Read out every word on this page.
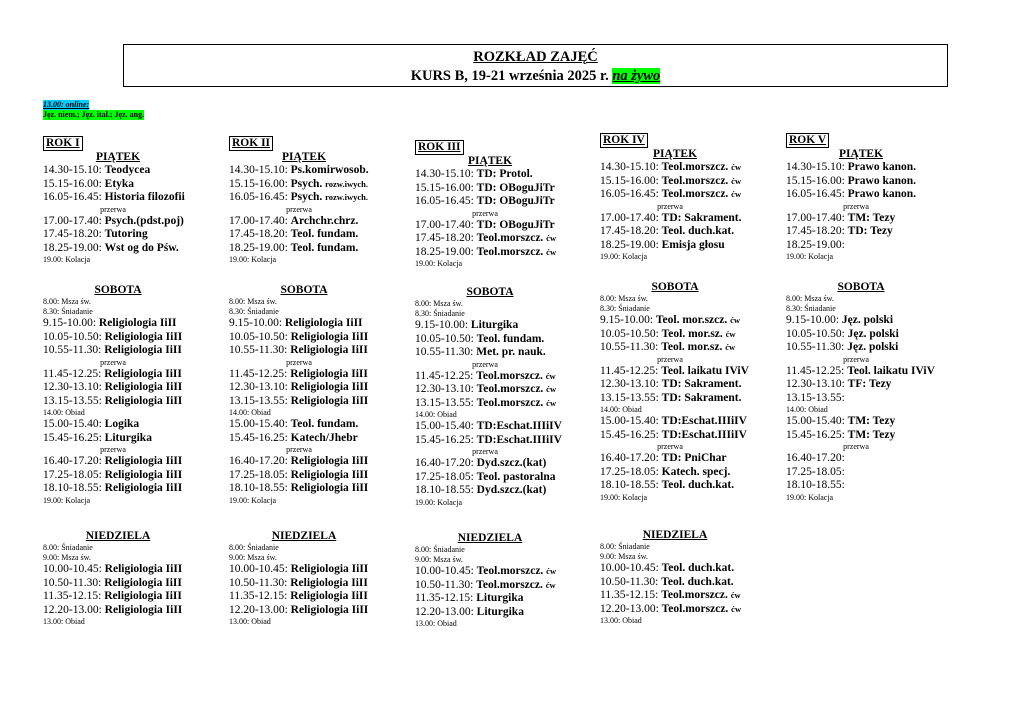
ROZKŁAD ZAJĘĆ
KURS B, 19-21 września 2025 r. na żywo
13.00: online:
Jęz. niem.; Jęz. ital.; Jęz. ang.
ROK I
PIĄTEK
14.30-15.10: Teodycea
15.15-16.00: Etyka
16.05-16.45: Historia filozofii
przerwa
17.00-17.40: Psych.(pdst.poj)
17.45-18.20: Tutoring
18.25-19.00: Wst og do Pśw.
19.00: Kolacja
SOBOTA
8.00: Msza św.
8.30: Śniadanie
9.15-10.00: Religiologia IiII
10.05-10.50: Religiologia IiII
10.55-11.30: Religiologia IiII
przerwa
11.45-12.25: Religiologia IiII
12.30-13.10: Religiologia IiII
13.15-13.55: Religiologia IiII
14.00: Obiad
15.00-15.40: Logika
15.45-16.25: Liturgika
przerwa
16.40-17.20: Religiologia IiII
17.25-18.05: Religiologia IiII
18.10-18.55: Religiologia IiII
19.00: Kolacja
NIEDZIELA
8.00: Śniadanie
9.00: Msza św.
10.00-10.45: Religiologia IiII
10.50-11.30: Religiologia IiII
11.35-12.15: Religiologia IiII
12.20-13.00: Religiologia IiII
13.00: Obiad
ROK II
PIĄTEK
14.30-15.10: Ps.komirwosob.
15.15-16.00: Psych. rozw.iwych.
16.05-16.45: Psych. rozw.iwych.
przerwa
17.00-17.40: Archchr.chrz.
17.45-18.20: Teol. fundam.
18.25-19.00: Teol. fundam.
19.00: Kolacja
SOBOTA
8.00: Msza św.
8.30: Śniadanie
9.15-10.00: Religiologia IiII
10.05-10.50: Religiologia IiII
10.55-11.30: Religiologia IiII
przerwa
11.45-12.25: Religiologia IiII
12.30-13.10: Religiologia IiII
13.15-13.55: Religiologia IiII
14.00: Obiad
15.00-15.40: Teol. fundam.
15.45-16.25: Katech/Jhebr
przerwa
16.40-17.20: Religiologia IiII
17.25-18.05: Religiologia IiII
18.10-18.55: Religiologia IiII
19.00: Kolacja
NIEDZIELA
8.00: Śniadanie
9.00: Msza św.
10.00-10.45: Religiologia IiII
10.50-11.30: Religiologia IiII
11.35-12.15: Religiologia IiII
12.20-13.00: Religiologia IiII
13.00: Obiad
ROK III
PIĄTEK
14.30-15.10: TD: Protol.
15.15-16.00: TD: OBoguJiTr
16.05-16.45: TD: OBoguJiTr
przerwa
17.00-17.40: TD: OBoguJiTr
17.45-18.20: Teol.morszcz. ćw
18.25-19.00: Teol.morszcz. ćw
19.00: Kolacja
SOBOTA
8.00: Msza św.
8.30: Śniadanie
9.15-10.00: Liturgika
10.05-10.50: Teol. fundam.
10.55-11.30: Met. pr. nauk.
przerwa
11.45-12.25: Teol.morszcz. ćw
12.30-13.10: Teol.morszcz. ćw
13.15-13.55: Teol.morszcz. ćw
14.00: Obiad
15.00-15.40: TD:Eschat.IIIiIV
15.45-16.25: TD:Eschat.IIIiIV
przerwa
16.40-17.20: Dyd.szcz.(kat)
17.25-18.05: Teol. pastoralna
18.10-18.55: Dyd.szcz.(kat)
19.00: Kolacja
NIEDZIELA
8.00: Śniadanie
9.00: Msza św.
10.00-10.45: Teol.morszcz. ćw
10.50-11.30: Teol.morszcz. ćw
11.35-12.15: Liturgika
12.20-13.00: Liturgika
13.00: Obiad
ROK IV
PIĄTEK
14.30-15.10: Teol.morszcz. ćw
15.15-16.00: Teol.morszcz. ćw
16.05-16.45: Teol.morszcz. ćw
przerwa
17.00-17.40: TD: Sakrament.
17.45-18.20: Teol. duch.kat.
18.25-19.00: Emisja głosu
19.00: Kolacja
SOBOTA
8.00: Msza św.
8.30: Śniadanie
9.15-10.00: Teol. mor.szcz. ćw
10.05-10.50: Teol. mor.sz. ćw
10.55-11.30: Teol. mor.sz. ćw
przerwa
11.45-12.25: Teol. laikatu IViV
12.30-13.10: TD: Sakrament.
13.15-13.55: TD: Sakrament.
14.00: Obiad
15.00-15.40: TD:Eschat.IIIiIV
15.45-16.25: TD:Eschat.IIIiIV
przerwa
16.40-17.20: TD: PniChar
17.25-18.05: Katech. specj.
18.10-18.55: Teol. duch.kat.
19.00: Kolacja
NIEDZIELA
8.00: Śniadanie
9.00: Msza św.
10.00-10.45: Teol. duch.kat.
10.50-11.30: Teol. duch.kat.
11.35-12.15: Teol.morszcz. ćw
12.20-13.00: Teol.morszcz. ćw
13.00: Obiad
ROK V
PIĄTEK
14.30-15.10: Prawo kanon.
15.15-16.00: Prawo kanon.
16.05-16.45: Prawo kanon.
przerwa
17.00-17.40: TM: Tezy
17.45-18.20: TD: Tezy
18.25-19.00:
19.00: Kolacja
SOBOTA
8.00: Msza św.
8.30: Śniadanie
9.15-10.00: Jęz. polski
10.05-10.50: Jęz. polski
10.55-11.30: Jęz. polski
przerwa
11.45-12.25: Teol. laikatu IViV
12.30-13.10: TF: Tezy
13.15-13.55:
14.00: Obiad
15.00-15.40: TM: Tezy
15.45-16.25: TM: Tezy
przerwa
16.40-17.20:
17.25-18.05:
18.10-18.55:
19.00: Kolacja
